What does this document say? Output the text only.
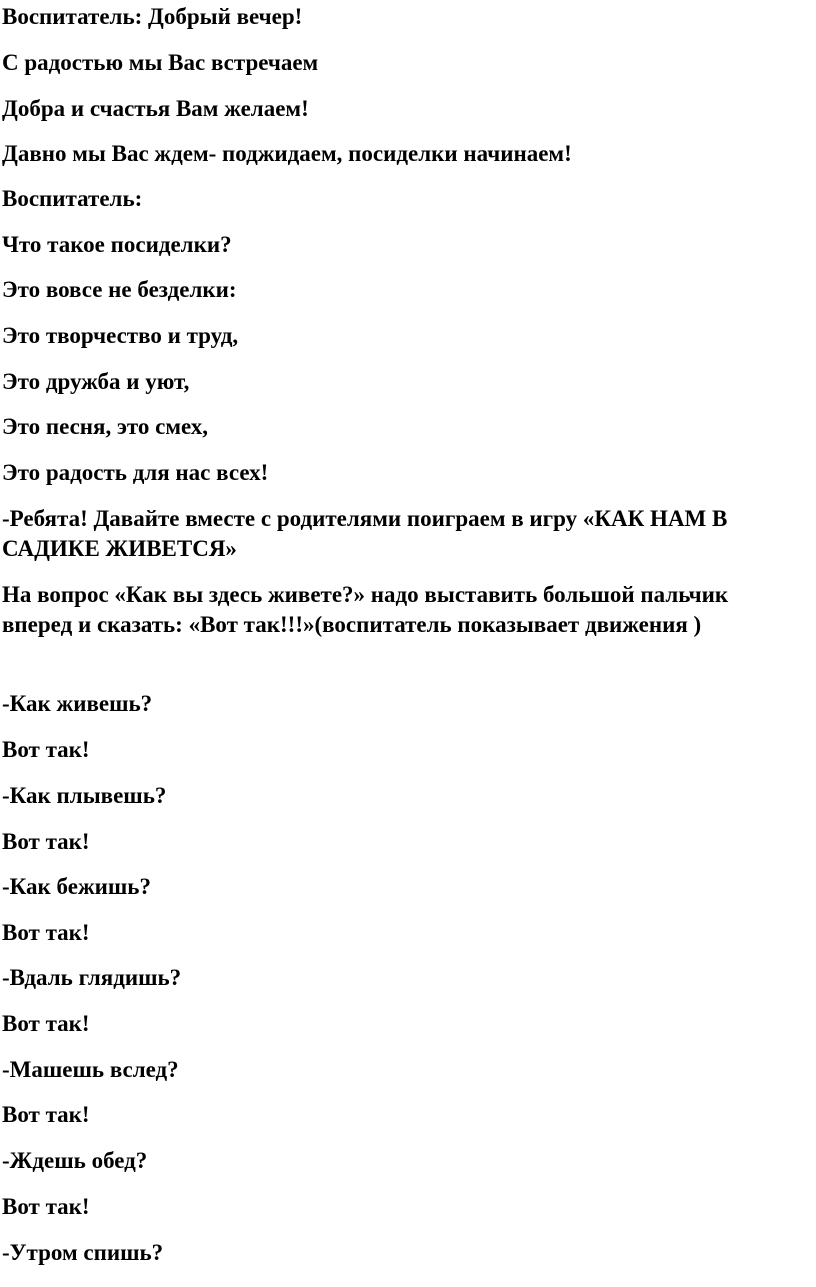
Воспитатель: Добрый вечер!

С радостью мы Вас встречаем

Добра и счастья Вам желаем!

Давно мы Вас ждем- поджидаем, посиделки начинаем!

Воспитатель:

Что такое посиделки?

Это вовсе не безделки:

Это творчество и труд,

Это дружба и уют,

Это песня, это смех,

Это радость для нас всех!

-Ребята! Давайте вместе с родителями поиграем в игру «КАК НАМ В САДИКЕ ЖИВЕТСЯ»

На вопрос «Как вы здесь живете?» надо выставить большой пальчик вперед и сказать: «Вот так!!!»(воспитатель показывает движения )

-Как живешь?

Вот так!

-Как плывешь?

Вот так!

-Как бежишь?

Вот так!

-Вдаль глядишь?

Вот так!

-Машешь вслед?

Вот так!

-Ждешь обед?

Вот так!

-Утром спишь?
